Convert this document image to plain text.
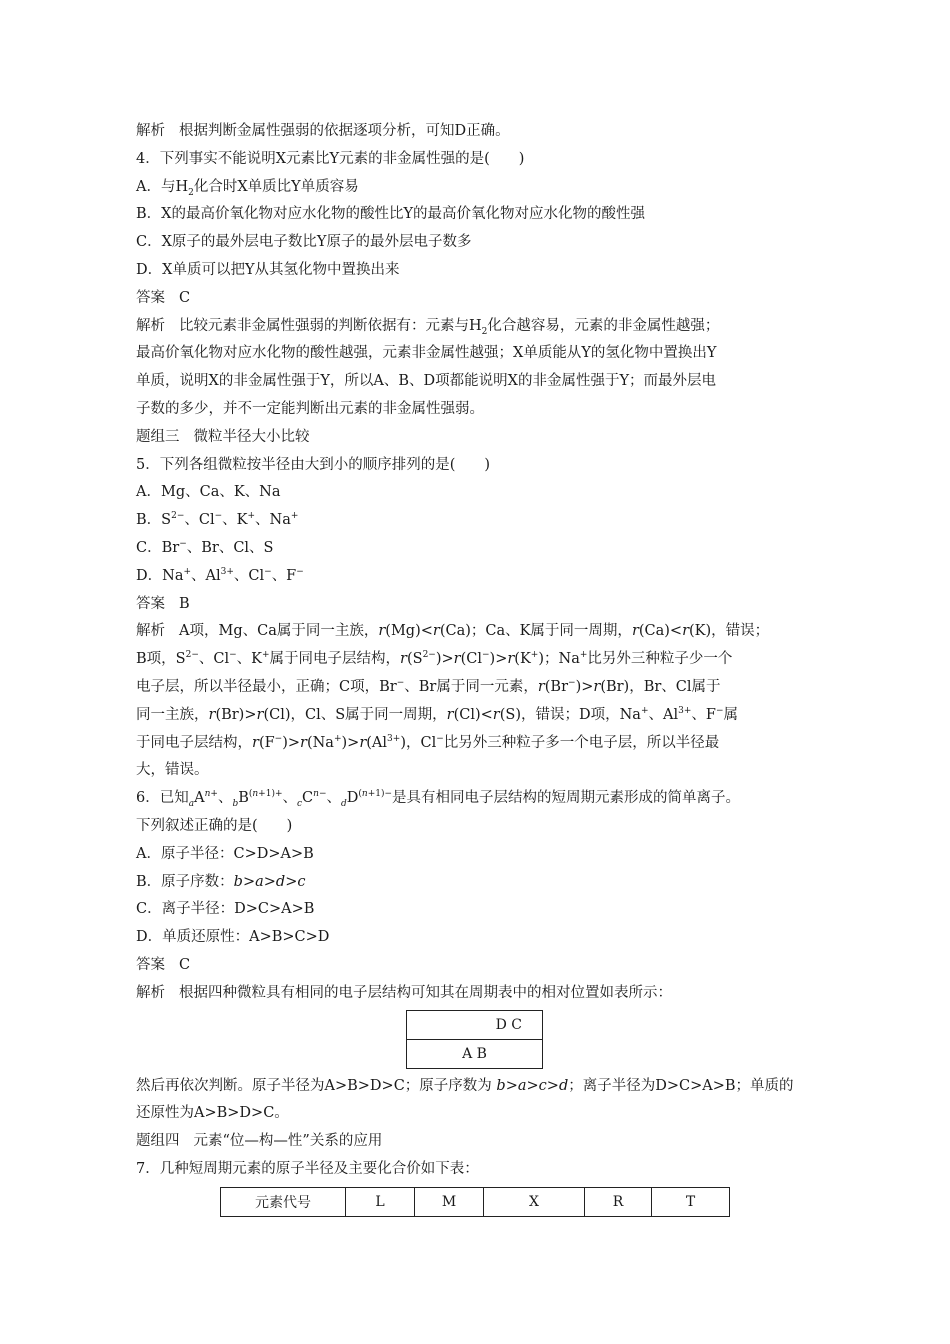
解析 根据判断金属性强弱的依据逐项分析，可知D正确。
4．下列事实不能说明X元素比Y元素的非金属性强的是(　　)
A．与$H_2$化合时X单质比Y单质容易
B．X的最高价氧化物对应水化物的酸性比Y的最高价氧化物对应水化物的酸性强
C．X原子的最外层电子数比Y原子的最外层电子数多
D．X单质可以把Y从其氢化物中置换出来
答案 C
解析 比较元素非金属性强弱的判断依据有：元素与$H_2$化合越容易，元素的非金属性越强；
最高价氧化物对应水化物的酸性越强，元素非金属性越强；X单质能从Y的氢化物中置换出Y
单质，说明X的非金属性强于Y，所以A、B、D项都能说明X的非金属性强于Y；而最外层电
子数的多少，并不一定能判断出元素的非金属性强弱。
题组三 微粒半径大小比较
5．下列各组微粒按半径由大到小的顺序排列的是(　　)
A．Mg、Ca、K、Na
B．$S^{2-}$、Cl−、K+、Na+
C．Br−、Br、Cl、S
D．Na+、$Al^{3+}$、Cl−、F−
答案 B
解析 A项，Mg、Ca属于同一主族，r(Mg)<r(Ca)；Ca、K属于同一周期，r(Ca)<r(K)，错误；
B项，$S^{2-}$、Cl−、K+属于同电子层结构，$r(S^{2-})>r(Cl^-)>r(K^+)$；Na+比另外三种粒子少一个
电子层，所以半径最小，正确；C项，Br−、Br属于同一元素，r(Br−)>r(Br)，Br、Cl属于
同一主族，r(Br)>r(Cl)，Cl、S属于同一周期，r(Cl)<r(S)，错误；D项，Na+、$Al^{3+}$、F−属
于同电子层结构，$r(F^-)>r(Na^+)>r(Al^{3+})$，Cl−比另外三种粒子多一个电子层，所以半径最
大，错误。
6．已知$_aA^{n+}$、$_bB^{(n+1)+}$、$_cC^{n-}$、$_dD^{(n+1)-}$是具有相同电子层结构的短周期元素形成的简单离子。
下列叙述正确的是(　　)
A．原子半径：C>D>A>B
B．原子序数：b>a>d>c
C．离子半径：D>C>A>B
D．单质还原性：A>B>C>D
答案 C
解析 根据四种微粒具有相同的电子层结构可知其在周期表中的相对位置如表所示：
D C
A B
然后再依次判断。原子半径为A>B>D>C；原子序数为 b>a>c>d；离子半径为D>C>A>B；单质的
还原性为A>B>D>C。
题组四 元素“位—构—性”关系的应用
7．几种短周期元素的原子半径及主要化合价如下表：
元素代号	L	M	X	R	T
